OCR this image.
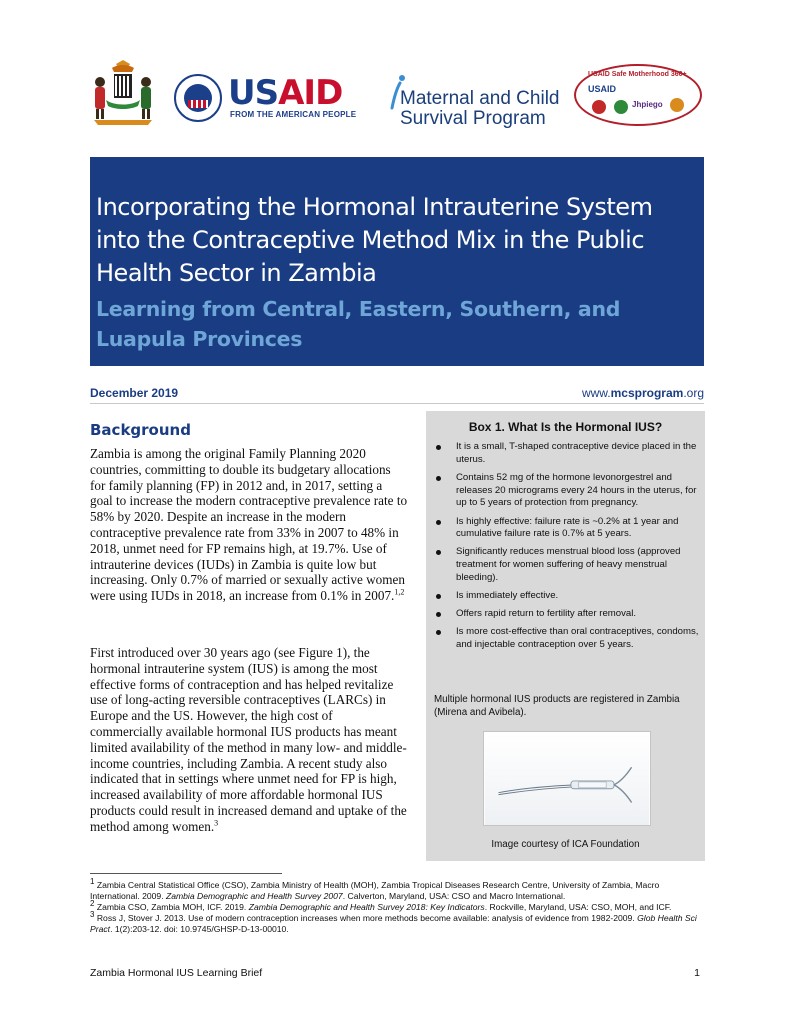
USAID
FROM THE AMERICAN PEOPLE
Maternal and Child
Survival Program
USAID Safe Motherhood 360+
USAID
Jhpiego
Incorporating the Hormonal Intrauterine System into the Contraceptive Method Mix in the Public Health Sector in Zambia
Learning from Central, Eastern, Southern, and Luapula Provinces
December 2019	www.mcsprogram.org
Background

Zambia is among the original Family Planning 2020 countries, committing to double its budgetary allocations for family planning (FP) in 2012 and, in 2017, setting a goal to increase the modern contraceptive prevalence rate to 58% by 2020. Despite an increase in the modern contraceptive prevalence rate from 33% in 2007 to 48% in 2018, unmet need for FP remains high, at 19.7%. Use of intrauterine devices (IUDs) in Zambia is quite low but increasing. Only 0.7% of married or sexually active women were using IUDs in 2018, an increase from 0.1% in 2007.$^{1,2}$

First introduced over 30 years ago (see Figure 1), the hormonal intrauterine system (IUS) is among the most effective forms of contraception and has helped revitalize use of long-acting reversible contraceptives (LARCs) in Europe and the US. However, the high cost of commercially available hormonal IUS products has meant limited availability of the method in many low- and middle-income countries, including Zambia. A recent study also indicated that in settings where unmet need for FP is high, increased availability of more affordable hormonal IUS products could result in increased demand and uptake of the method among women.$^3$

Box 1. What Is the Hormonal IUS?
It is a small, T-shaped contraceptive device placed in the uterus.
Contains 52 mg of the hormone levonorgestrel and releases 20 micrograms every 24 hours in the uterus, for up to 5 years of protection from pregnancy.
Is highly effective: failure rate is ~0.2% at 1 year and cumulative failure rate is 0.7% at 5 years.
Significantly reduces menstrual blood loss (approved treatment for women suffering of heavy menstrual bleeding).
Is immediately effective.
Offers rapid return to fertility after removal.
Is more cost-effective than oral contraceptives, condoms, and injectable contraception over 5 years.
Multiple hormonal IUS products are registered in Zambia (Mirena and Avibela).
Image courtesy of ICA Foundation

$^1$ Zambia Central Statistical Office (CSO), Zambia Ministry of Health (MOH), Zambia Tropical Diseases Research Centre, University of Zambia, Macro International. 2009. Zambia Demographic and Health Survey 2007. Calverton, Maryland, USA: CSO and Macro International.

$^2$ Zambia CSO, Zambia MOH, ICF. 2019. Zambia Demographic and Health Survey 2018: Key Indicators. Rockville, Maryland, USA: CSO, MOH, and ICF.

$^3$ Ross J, Stover J. 2013. Use of modern contraception increases when more methods become available: analysis of evidence from 1982-2009. Glob Health Sci Pract. 1(2):203-12. doi: 10.9745/GHSP-D-13-00010.

Zambia Hormonal IUS Learning Brief	1
